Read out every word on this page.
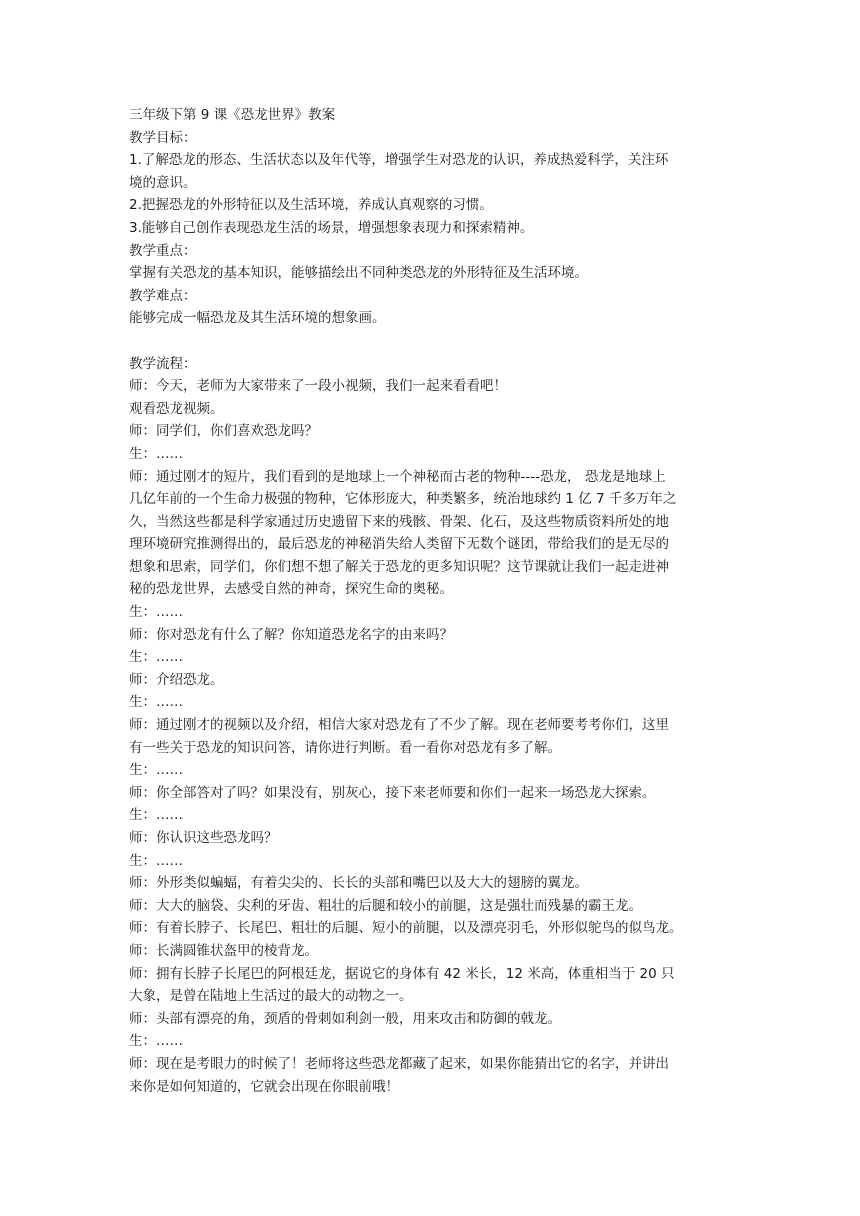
三年级下第 9 课《恐龙世界》教案
教学目标：
1.了解恐龙的形态、生活状态以及年代等，增强学生对恐龙的认识，养成热爱科学，关注环
境的意识。
2.把握恐龙的外形特征以及生活环境，养成认真观察的习惯。
3.能够自己创作表现恐龙生活的场景，增强想象表现力和探索精神。
教学重点：
掌握有关恐龙的基本知识，能够描绘出不同种类恐龙的外形特征及生活环境。
教学难点：
能够完成一幅恐龙及其生活环境的想象画。
教学流程：
师：今天，老师为大家带来了一段小视频，我们一起来看看吧！
观看恐龙视频。
师：同学们，你们喜欢恐龙吗？
生：……
师：通过刚才的短片，我们看到的是地球上一个神秘而古老的物种----恐龙， 恐龙是地球上
几亿年前的一个生命力极强的物种，它体形庞大，种类繁多，统治地球约 1 亿 7 千多万年之
久，当然这些都是科学家通过历史遗留下来的残骸、骨架、化石，及这些物质资料所处的地
理环境研究推测得出的，最后恐龙的神秘消失给人类留下无数个谜团，带给我们的是无尽的
想象和思索，同学们，你们想不想了解关于恐龙的更多知识呢？这节课就让我们一起走进神
秘的恐龙世界，去感受自然的神奇，探究生命的奥秘。
生：……
师：你对恐龙有什么了解？你知道恐龙名字的由来吗？
生：……
师：介绍恐龙。
生：……
师：通过刚才的视频以及介绍，相信大家对恐龙有了不少了解。现在老师要考考你们，这里
有一些关于恐龙的知识问答，请你进行判断。看一看你对恐龙有多了解。
生：……
师：你全部答对了吗？如果没有，别灰心，接下来老师要和你们一起来一场恐龙大探索。
生：……
师：你认识这些恐龙吗？
生：……
师：外形类似蝙蝠，有着尖尖的、长长的头部和嘴巴以及大大的翅膀的翼龙。
师：大大的脑袋、尖利的牙齿、粗壮的后腿和较小的前腿，这是强壮而残暴的霸王龙。
师：有着长脖子、长尾巴、粗壮的后腿、短小的前腿，以及漂亮羽毛，外形似鸵鸟的似鸟龙。
师：长满圆锥状盔甲的棱背龙。
师：拥有长脖子长尾巴的阿根廷龙，据说它的身体有 42 米长，12 米高，体重相当于 20 只
大象，是曾在陆地上生活过的最大的动物之一。
师：头部有漂亮的角，颈盾的骨刺如利剑一般，用来攻击和防御的戟龙。
生：……
师：现在是考眼力的时候了！老师将这些恐龙都藏了起来，如果你能猜出它的名字，并讲出
来你是如何知道的，它就会出现在你眼前哦！
